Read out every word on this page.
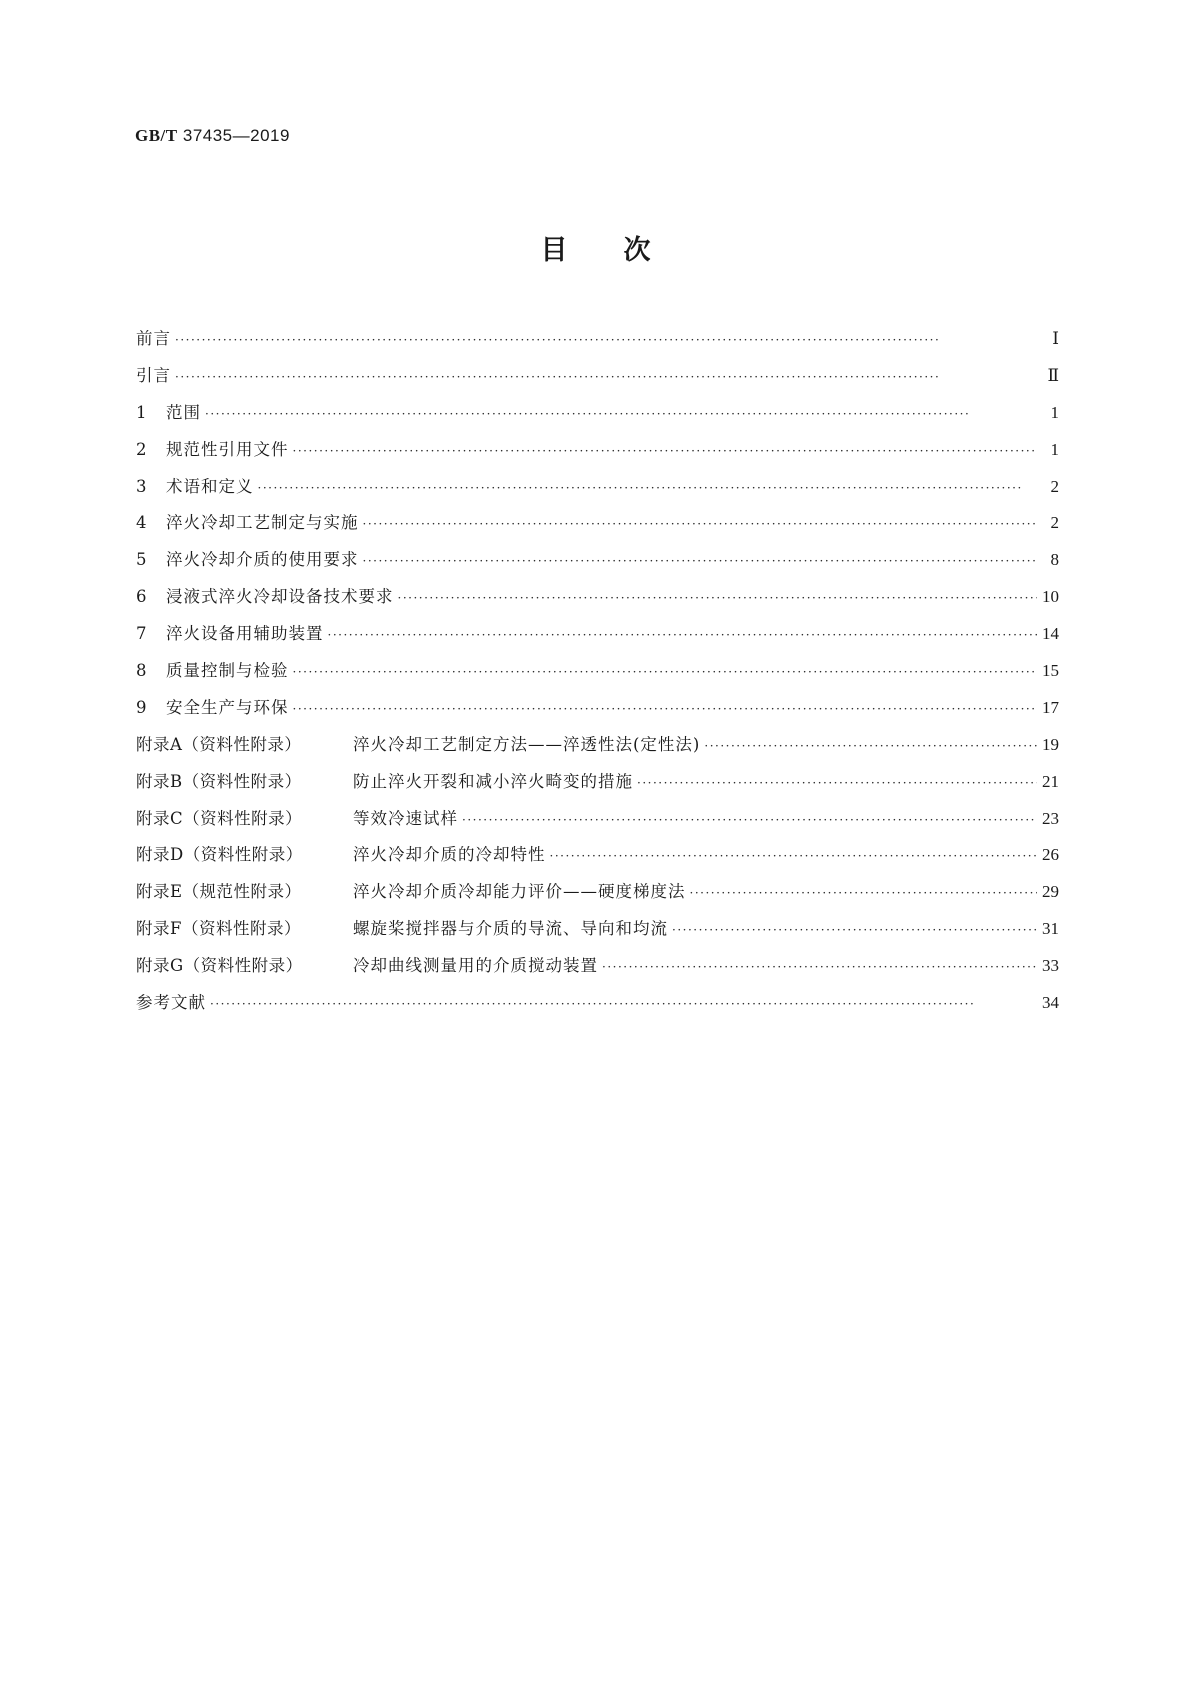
GB/T 37435—2019
目次
前言 ·····	Ⅰ
引言 ·····	Ⅱ
1	范围 ·····	1
2	规范性引用文件 ·····	1
3	术语和定义 ·····	2
4	淬火冷却工艺制定与实施 ·····	2
5	淬火冷却介质的使用要求 ·····	8
6	浸液式淬火冷却设备技术要求 ·····	10
7	淬火设备用辅助装置 ·····	14
8	质量控制与检验 ·····	15
9	安全生产与环保 ·····	17
附录A（资料性附录）	淬火冷却工艺制定方法——淬透性法(定性法) ·····	19
附录B（资料性附录）	防止淬火开裂和减小淬火畸变的措施 ·····	21
附录C（资料性附录）	等效冷速试样 ·····	23
附录D（资料性附录）	淬火冷却介质的冷却特性 ·····	26
附录E（规范性附录）	淬火冷却介质冷却能力评价——硬度梯度法 ·····	29
附录F（资料性附录）	螺旋桨搅拌器与介质的导流、导向和均流 ·····	31
附录G（资料性附录）	冷却曲线测量用的介质搅动装置 ·····	33
参考文献 ·····	34
